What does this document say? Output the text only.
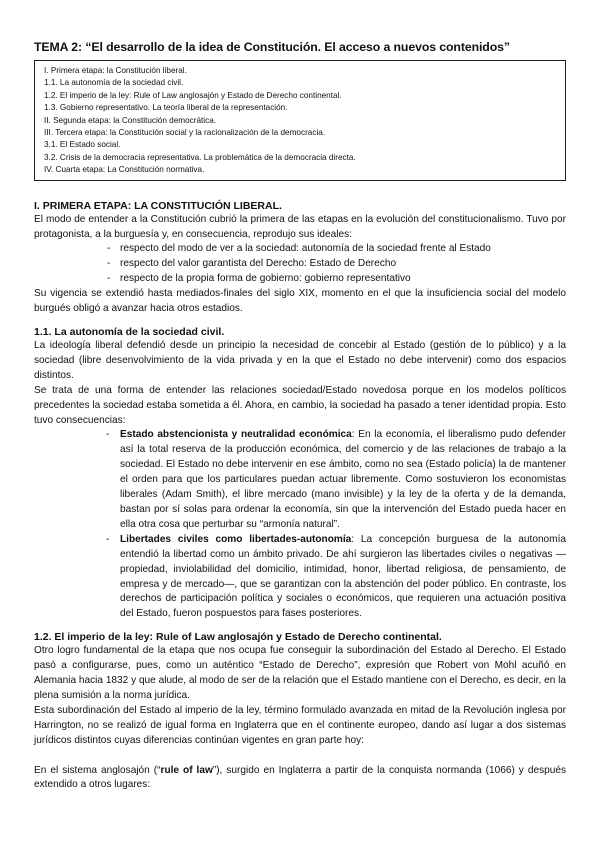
TEMA 2: “El desarrollo de la idea de Constitución. El acceso a nuevos contenidos”
I. Primera etapa: la Constitución liberal.
1.1. La autonomía de la sociedad civil.
1.2. El imperio de la ley: Rule of Law anglosajón y Estado de Derecho continental.
1.3. Gobierno representativo. La teoría liberal de la representación.
II. Segunda etapa: la Constitución democrática.
III. Tercera etapa: la Constitución social y la racionalización de la democracia.
3.1. El Estado social.
3.2. Crisis de la democracia representativa. La problemática de la democracia directa.
IV. Cuarta etapa: La Constitución normativa.
I. PRIMERA ETAPA: LA CONSTITUCIÓN LIBERAL.

El modo de entender a la Constitución cubrió la primera de las etapas en la evolución del constitucionalismo. Tuvo por protagonista, a la burguesía y, en consecuencia, reprodujo sus ideales:

- respecto del modo de ver a la sociedad: autonomía de la sociedad frente al Estado
- respecto del valor garantista del Derecho: Estado de Derecho
- respecto de la propia forma de gobierno: gobierno representativo

Su vigencia se extendió hasta mediados-finales del siglo XIX, momento en el que la insuficiencia social del modelo burgués obligó a avanzar hacia otros estadios.

1.1. La autonomía de la sociedad civil.

La ideología liberal defendió desde un principio la necesidad de concebir al Estado (gestión de lo público) y a la sociedad (libre desenvolvimiento de la vida privada y en la que el Estado no debe intervenir) como dos espacios distintos.

Se trata de una forma de entender las relaciones sociedad/Estado novedosa porque en los modelos políticos precedentes la sociedad estaba sometida a él. Ahora, en cambio, la sociedad ha pasado a tener identidad propia. Esto tuvo consecuencias:

- Estado abstencionista y neutralidad económica: En la economía, el liberalismo pudo defender así la total reserva de la producción económica, del comercio y de las relaciones de trabajo a la sociedad. El Estado no debe intervenir en ese ámbito, como no sea (Estado policía) la de mantener el orden para que los particulares puedan actuar libremente. Como sostuvieron los economistas liberales (Adam Smith), el libre mercado (mano invisible) y la ley de la oferta y de la demanda, bastan por sí solas para ordenar la economía, sin que la intervención del Estado pueda hacer en ella otra cosa que perturbar su “armonía natural”.
- Libertades civiles como libertades-autonomía: La concepción burguesa de la autonomía entendió la libertad como un ámbito privado. De ahí surgieron las libertades civiles o negativas —propiedad, inviolabilidad del domicilio, intimidad, honor, libertad religiosa, de pensamiento, de empresa y de mercado—, que se garantizan con la abstención del poder público. En contraste, los derechos de participación política y sociales o económicos, que requieren una actuación positiva del Estado, fueron pospuestos para fases posteriores.
1.2. El imperio de la ley: Rule of Law anglosajón y Estado de Derecho continental.

Otro logro fundamental de la etapa que nos ocupa fue conseguir la subordinación del Estado al Derecho. El Estado pasó a configurarse, pues, como un auténtico “Estado de Derecho”, expresión que Robert von Mohl acuñó en Alemania hacia 1832 y que alude, al modo de ser de la relación que el Estado mantiene con el Derecho, es decir, en la plena sumisión a la norma jurídica.

Esta subordinación del Estado al imperio de la ley, término formulado avanzada en mitad de la Revolución inglesa por Harrington, no se realizó de igual forma en Inglaterra que en el continente europeo, dando así lugar a dos sistemas jurídicos distintos cuyas diferencias continúan vigentes en gran parte hoy:

En el sistema anglosajón (“rule of law”), surgido en Inglaterra a partir de la conquista normanda (1066) y después extendido a otros lugares:
